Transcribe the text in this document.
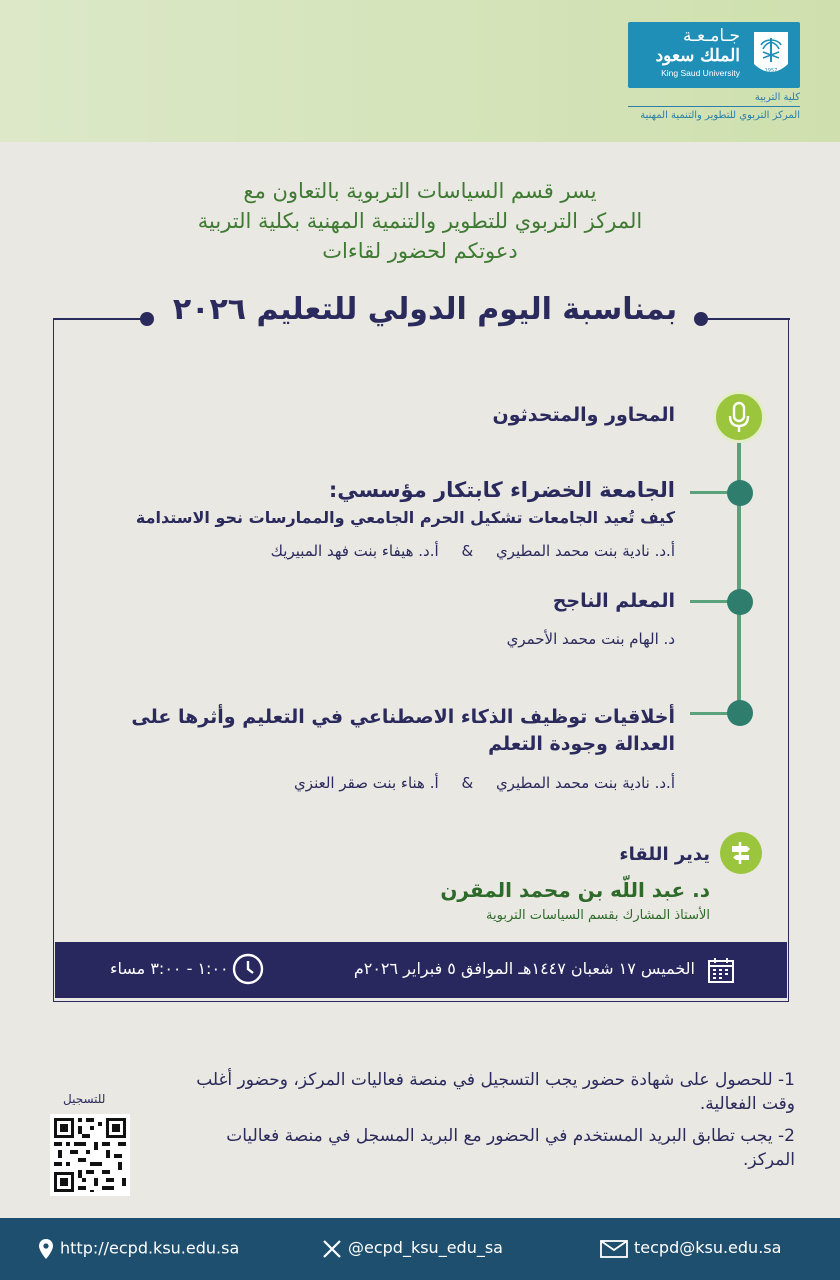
جـامـعـة
الملك سعود
King Saud University	1957
كلية التربية
المركز التربوي للتطوير والتنمية المهنية
يسر قسم السياسات التربوية بالتعاون مع
المركز التربوي للتطوير والتنمية المهنية بكلية التربية
دعوتكم لحضور لقاءات
بمناسبة اليوم الدولي للتعليم ٢٠٢٦
المحاور والمتحدثون
الجامعة الخضراء كابتكار مؤسسي:
كيف تُعيد الجامعات تشكيل الحرم الجامعي والممارسات نحو الاستدامة
أ.د. نادية بنت محمد المطيري & أ.د. هيفاء بنت فهد المبيريك
المعلم الناجح
د. الهام بنت محمد الأحمري
أخلاقيات توظيف الذكاء الاصطناعي في التعليم وأثرها على العدالة وجودة التعلم
أ.د. نادية بنت محمد المطيري & أ. هناء بنت صقر العنزي
يدير اللقاء
د. عبد اللّه بن محمد المقرن
الأستاذ المشارك بقسم السياسات التربوية
الخميس ١٧ شعبان ١٤٤٧هـ الموافق ٥ فبراير ٢٠٢٦م
١:٠٠ - ٣:٠٠ مساء
1- للحصول على شهادة حضور يجب التسجيل في منصة فعاليات المركز، وحضور أغلب وقت الفعالية.
2- يجب تطابق البريد المستخدم في الحضور مع البريد المسجل في منصة فعاليات المركز.
للتسجيل
http://ecpd.ksu.edu.sa	@ecpd_ksu_edu_sa	tecpd@ksu.edu.sa
